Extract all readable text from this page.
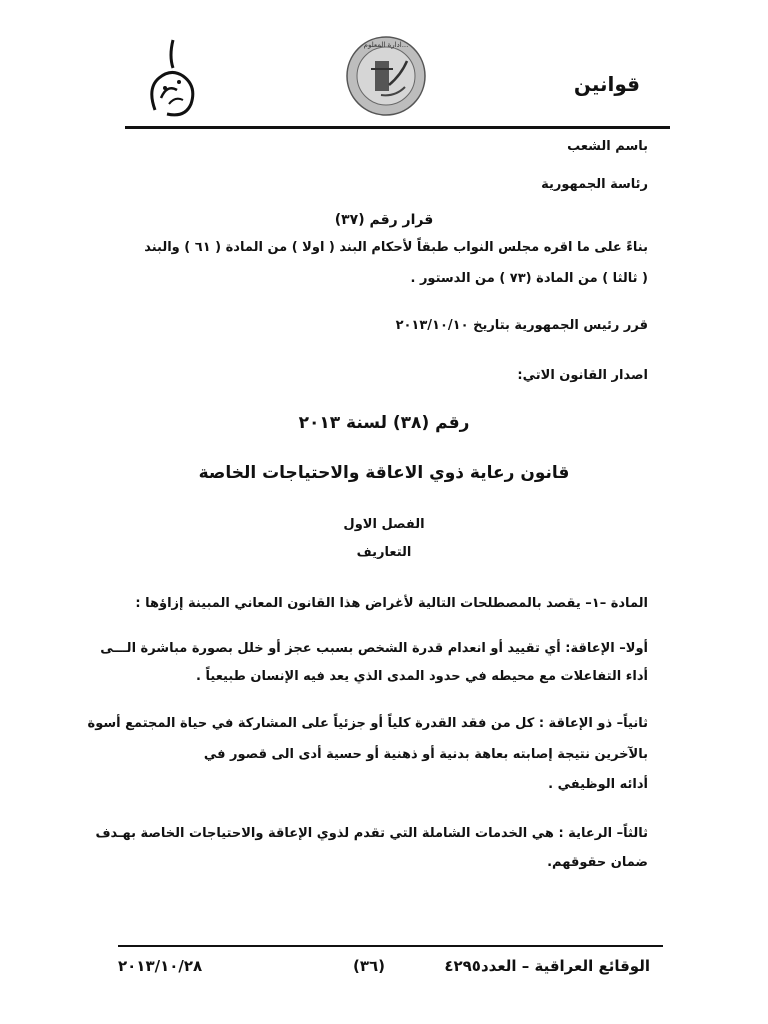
قوانين
ادارة المعلوم...
باسم الشعب
رئاسة الجمهورية
قرار رقم (٣٧)
بناءً على ما اقره مجلس النواب طبقاً لأحكام البند ( اولا ) من المادة ( ٦١ ) والبند
( ثالثا ) من المادة (٧٣ ) من الدستور .
قرر رئيس الجمهورية بتاريخ ٢٠١٣/١٠/١٠
اصدار القانون الاتي:
رقم (٣٨) لسنة ٢٠١٣
قانون رعاية ذوي الاعاقة والاحتياجات الخاصة
الفصل الاول
التعاريف
المادة –١– يقصد بالمصطلحات التالية لأغراض هذا القانون المعاني المبينة إزاؤها :
أولا– الإعاقة: أي تقييد أو انعدام قدرة الشخص بسبب عجز أو خلل بصورة مباشرة الـــى
أداء التفاعلات مع محيطه في حدود المدى الذي يعد فيه الإنسان طبيعياً .
ثانياً– ذو الإعاقة : كل من فقد القدرة كلياً أو جزئياً على المشاركة في حياة المجتمع أسوة
بالآخرين نتيجة إصابته بعاهة بدنية أو ذهنية أو حسية أدى الى قصور في
أدائه الوظيفي .
ثالثاً– الرعاية : هي الخدمات الشاملة التي تقدم لذوي الإعاقة والاحتياجات الخاصة بهـدف
ضمان حقوقهم.
الوقائع العراقية – العدد٤٢٩٥
(٣٦)
٢٠١٣/١٠/٢٨
